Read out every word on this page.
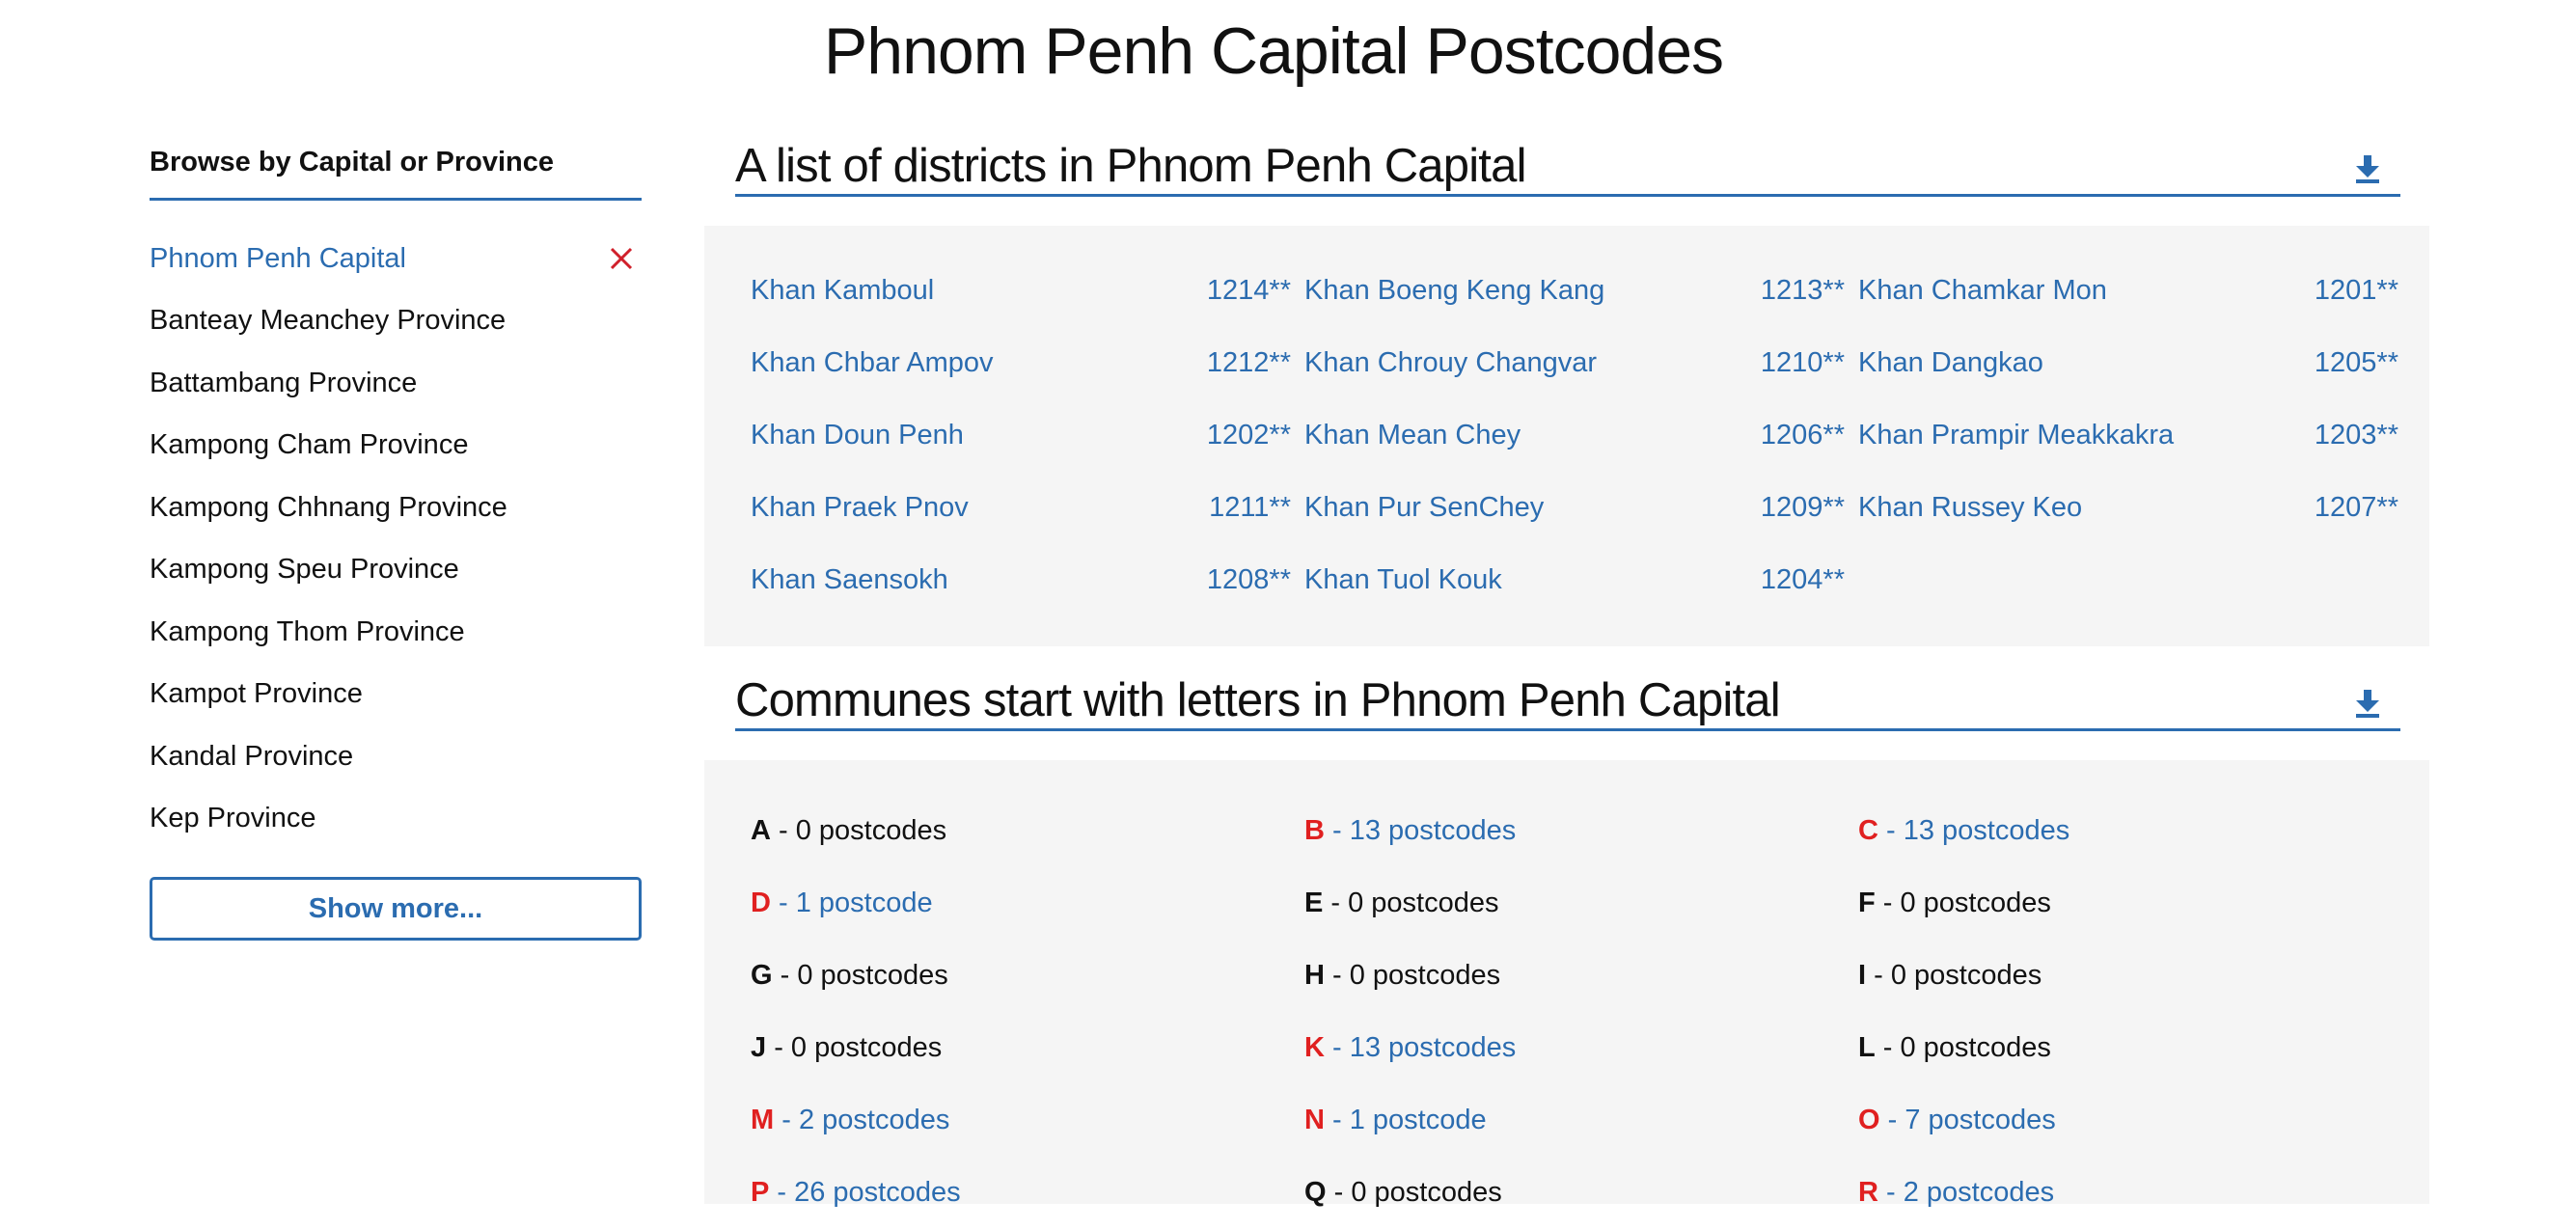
Phnom Penh Capital Postcodes
Browse by Capital or Province
Phnom Penh Capital
Banteay Meanchey Province
Battambang Province
Kampong Cham Province
Kampong Chhnang Province
Kampong Speu Province
Kampong Thom Province
Kampot Province
Kandal Province
Kep Province
Show more...
A list of districts in Phnom Penh Capital
Khan Kamboul	1214** Khan Boeng Keng Kang	1213** Khan Chamkar Mon	1201**
Khan Chbar Ampov	1212** Khan Chrouy Changvar	1210** Khan Dangkao	1205**
Khan Doun Penh	1202** Khan Mean Chey	1206** Khan Prampir Meakkakra	1203**
Khan Praek Pnov	1211** Khan Pur SenChey	1209** Khan Russey Keo	1207**
Khan Saensokh	1208** Khan Tuol Kouk	1204**
Communes start with letters in Phnom Penh Capital
A - 0 postcodes	B - 13 postcodes	C - 13 postcodes
D - 1 postcode	E - 0 postcodes	F - 0 postcodes
G - 0 postcodes	H - 0 postcodes	I - 0 postcodes
J - 0 postcodes	K - 13 postcodes	L - 0 postcodes
M - 2 postcodes	N - 1 postcode	O - 7 postcodes
P - 26 postcodes	Q - 0 postcodes	R - 2 postcodes
